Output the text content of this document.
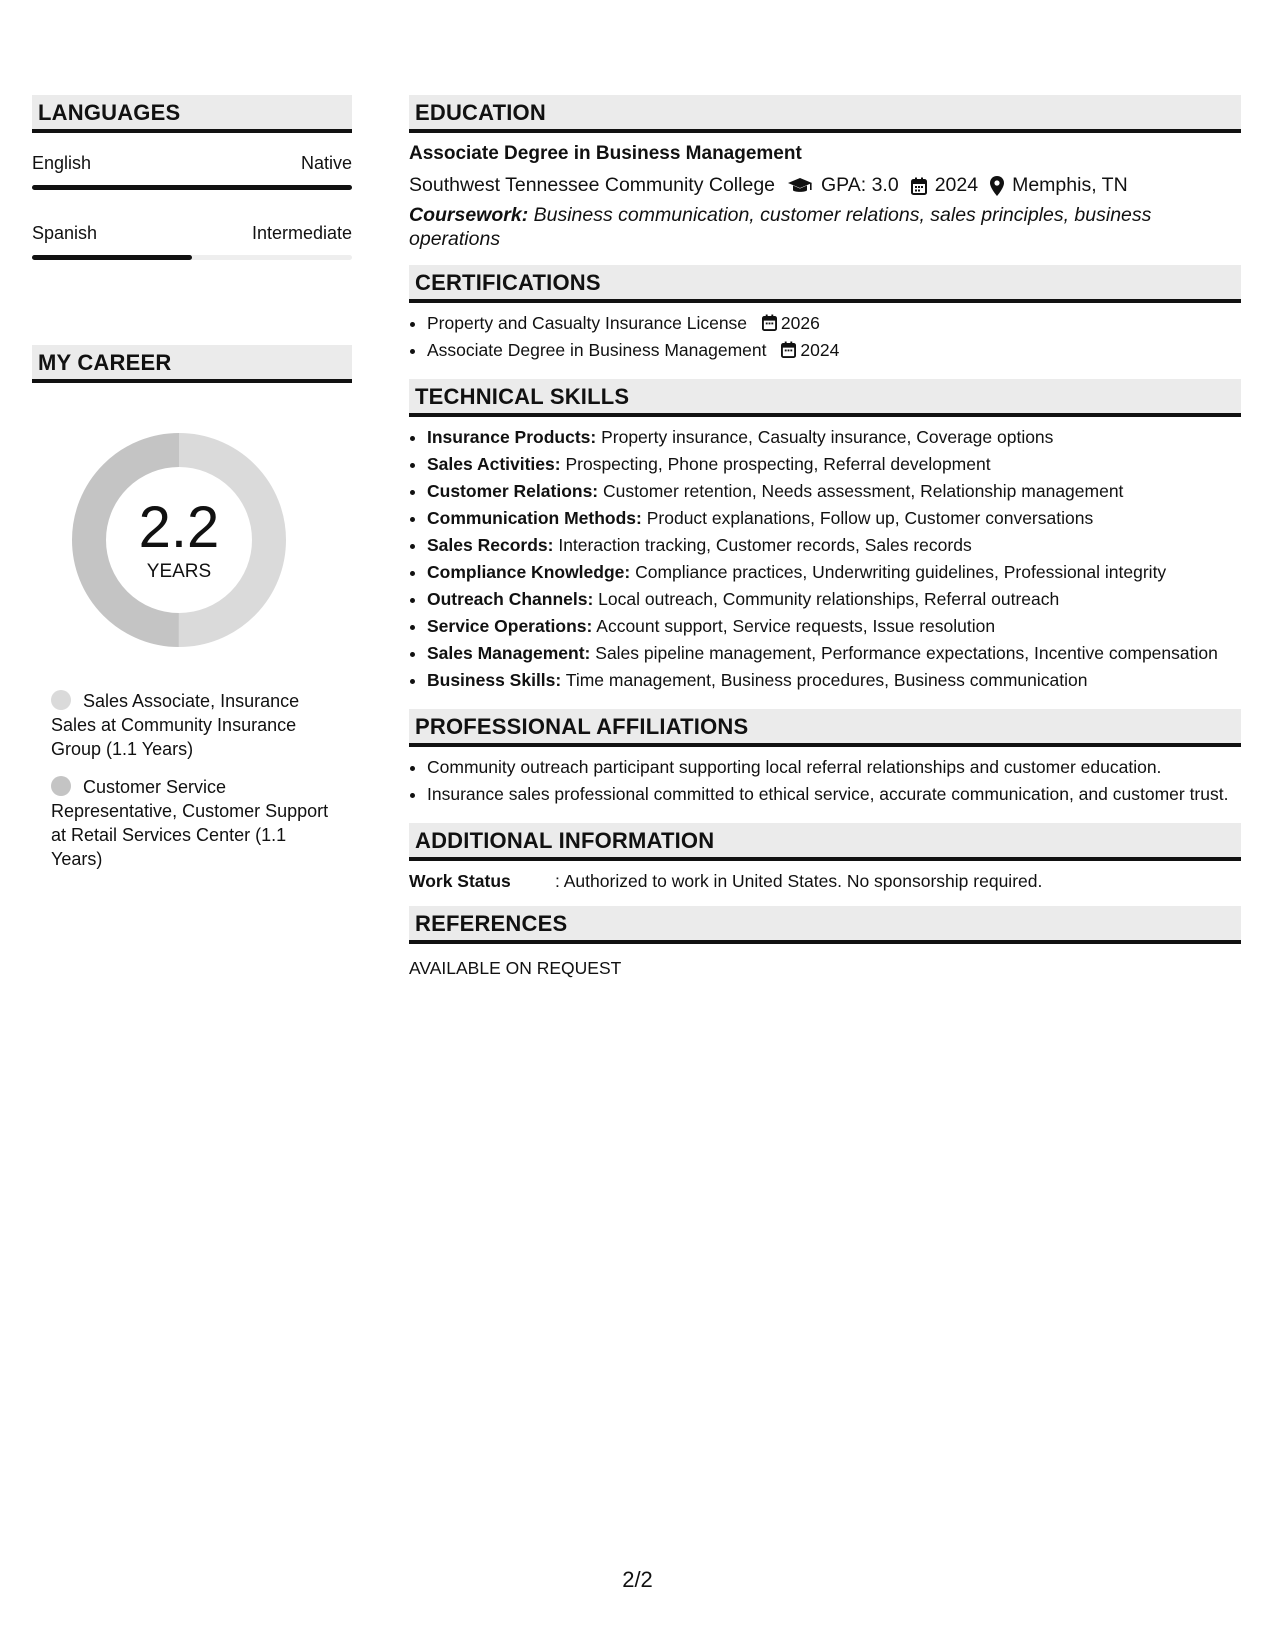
LANGUAGES
English	Native
Spanish	Intermediate
MY CAREER
2.2
YEARS
Sales Associate, Insurance Sales at Community Insurance Group (1.1 Years)
Customer Service Representative, Customer Support at Retail Services Center (1.1 Years)
EDUCATION
Associate Degree in Business Management
Southwest Tennessee Community College GPA: 3.0 2024 Memphis, TN
Coursework: Business communication, customer relations, sales principles, business operations
CERTIFICATIONS
• Property and Casualty Insurance License 2026
• Associate Degree in Business Management 2024
TECHNICAL SKILLS
• Insurance Products: Property insurance, Casualty insurance, Coverage options
• Sales Activities: Prospecting, Phone prospecting, Referral development
• Customer Relations: Customer retention, Needs assessment, Relationship management
• Communication Methods: Product explanations, Follow up, Customer conversations
• Sales Records: Interaction tracking, Customer records, Sales records
• Compliance Knowledge: Compliance practices, Underwriting guidelines, Professional integrity
• Outreach Channels: Local outreach, Community relationships, Referral outreach
• Service Operations: Account support, Service requests, Issue resolution
• Sales Management: Sales pipeline management, Performance expectations, Incentive compensation
• Business Skills: Time management, Business procedures, Business communication
PROFESSIONAL AFFILIATIONS
• Community outreach participant supporting local referral relationships and customer education.
• Insurance sales professional committed to ethical service, accurate communication, and customer trust.
ADDITIONAL INFORMATION
Work Status	: Authorized to work in United States. No sponsorship required.
REFERENCES
AVAILABLE ON REQUEST
2/2
